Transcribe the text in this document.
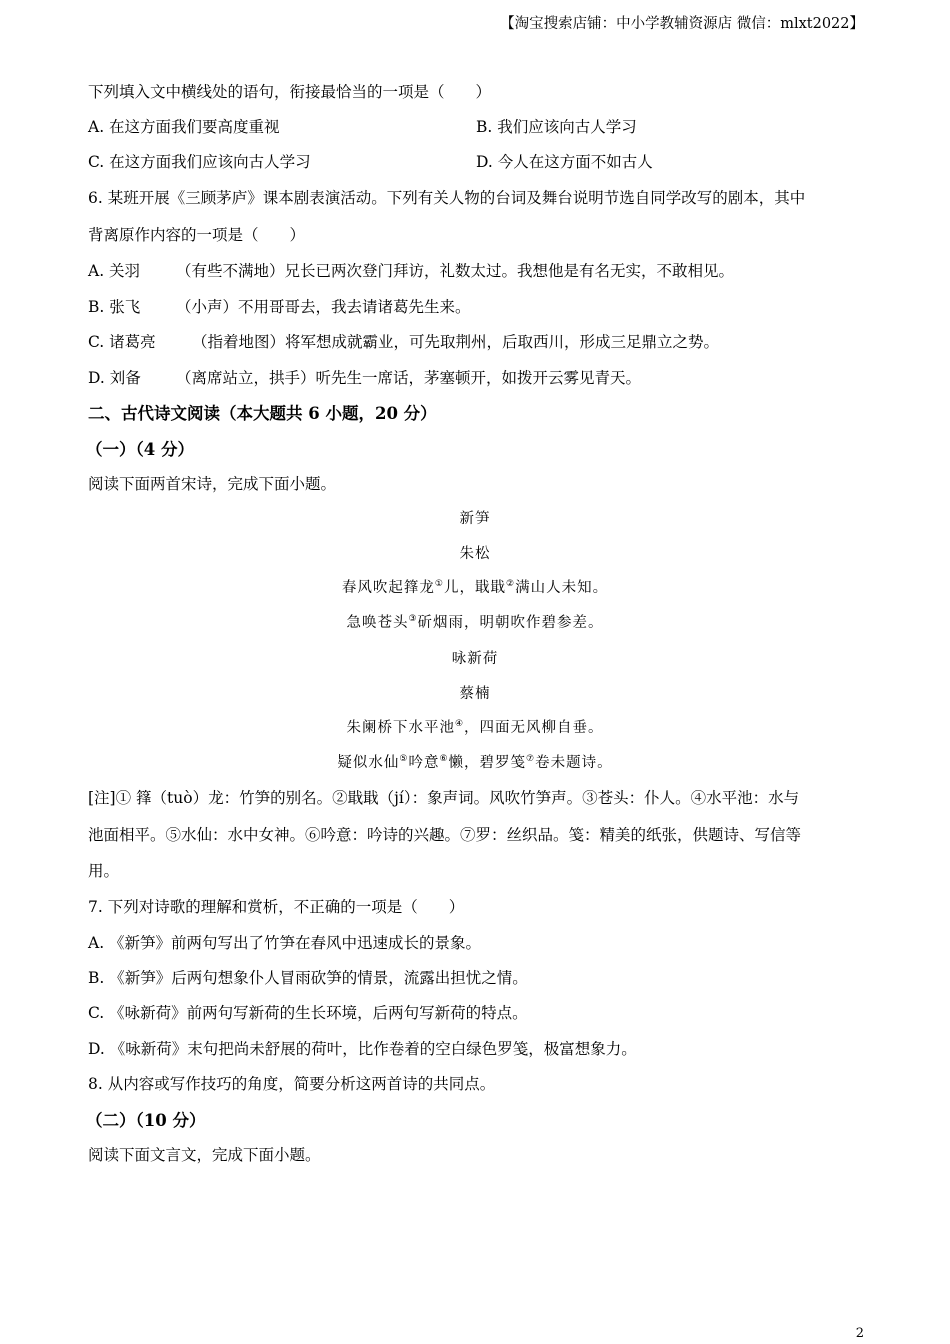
【淘宝搜索店铺：中小学教辅资源店 微信：mlxt2022】
下列填入文中横线处的语句，衔接最恰当的一项是（　　）
A. 在这方面我们要高度重视	B. 我们应该向古人学习
C. 在这方面我们应该向古人学习	D. 今人在这方面不如古人
6. 某班开展《三顾茅庐》课本剧表演活动。下列有关人物的台词及舞台说明节选自同学改写的剧本，其中
背离原作内容的一项是（　　）
A. 关羽 （有些不满地）兄长已两次登门拜访，礼数太过。我想他是有名无实，不敢相见。
B. 张飞 （小声）不用哥哥去，我去请诸葛先生来。
C. 诸葛亮 （指着地图）将军想成就霸业，可先取荆州，后取西川，形成三足鼎立之势。
D. 刘备 （离席站立，拱手）听先生一席话，茅塞顿开，如拨开云雾见青天。
二、古代诗文阅读（本大题共 6 小题，20 分）
（一）（4 分）
阅读下面两首宋诗，完成下面小题。
新笋
朱松
春风吹起箨龙①儿，戢戢②满山人未知。
急唤苍头③斫烟雨，明朝吹作碧参差。
咏新荷
蔡楠
朱阑桥下水平池④，四面无风柳自垂。
疑似水仙⑤吟意⑥懒，碧罗笺⑦卷未题诗。
[注]① 箨（tuò）龙：竹笋的别名。②戢戢（jí）：象声词。风吹竹笋声。③苍头：仆人。④水平池：水与
池面相平。⑤水仙：水中女神。⑥吟意：吟诗的兴趣。⑦罗：丝织品。笺：精美的纸张，供题诗、写信等
用。
7. 下列对诗歌的理解和赏析，不正确的一项是（　　）
A. 《新笋》前两句写出了竹笋在春风中迅速成长的景象。
B. 《新笋》后两句想象仆人冒雨砍笋的情景，流露出担忧之情。
C. 《咏新荷》前两句写新荷的生长环境，后两句写新荷的特点。
D. 《咏新荷》末句把尚未舒展的荷叶，比作卷着的空白绿色罗笺，极富想象力。
8. 从内容或写作技巧的角度，简要分析这两首诗的共同点。
（二）（10 分）
阅读下面文言文，完成下面小题。
2
